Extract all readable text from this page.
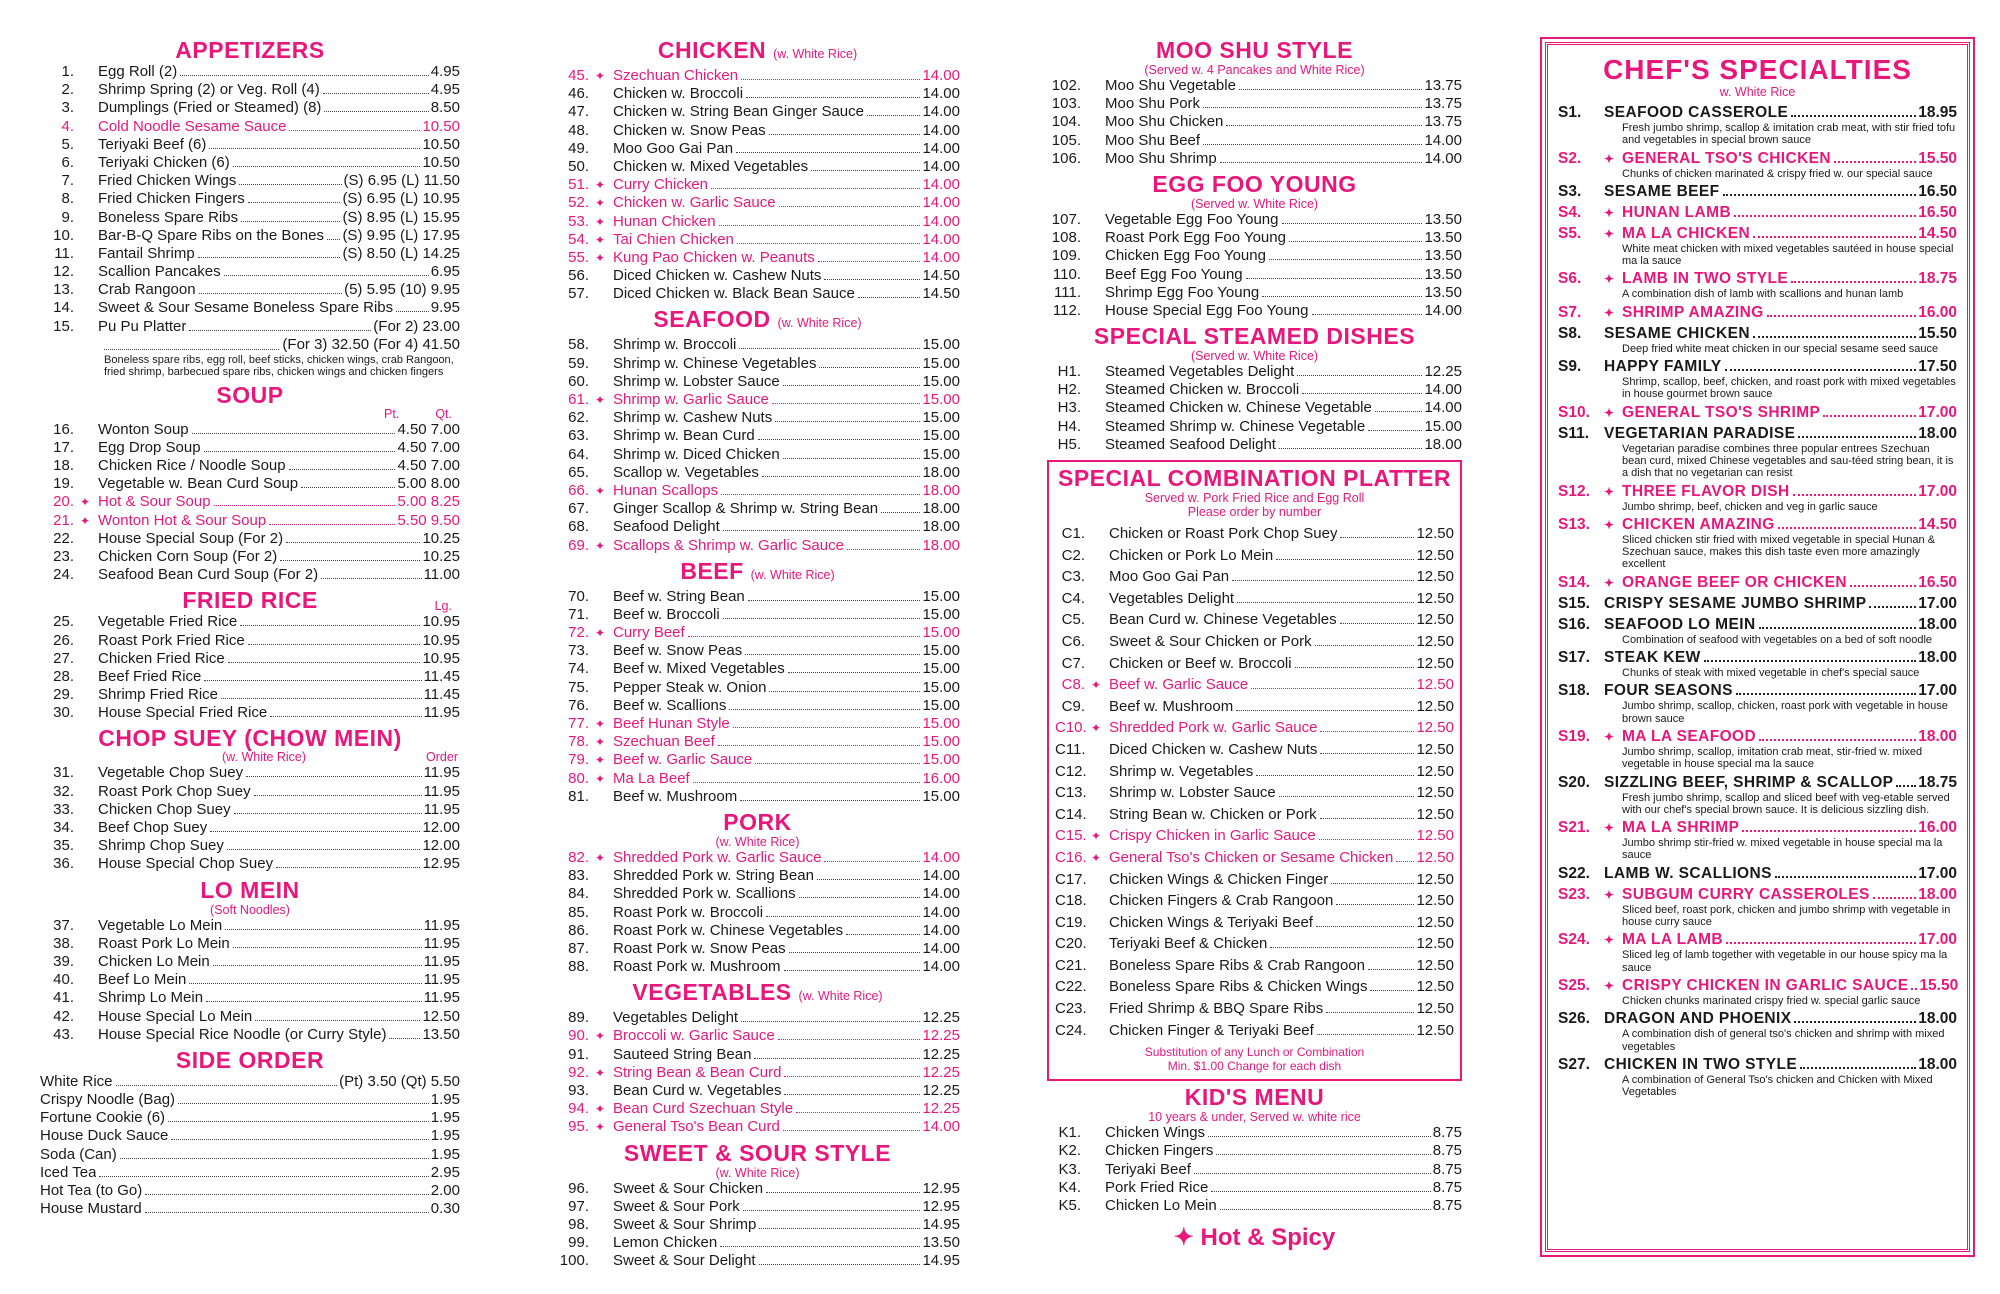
APPETIZERS
1.	Egg Roll (2)	4.95
2.	Shrimp Spring (2) or Veg. Roll (4)	4.95
3.	Dumplings (Fried or Steamed) (8)	8.50
4.	Cold Noodle Sesame Sauce	10.50
5.	Teriyaki Beef (6)	10.50
6.	Teriyaki Chicken (6)	10.50
7.	Fried Chicken Wings	(S) 6.95 (L) 11.50
8.	Fried Chicken Fingers	(S) 6.95 (L) 10.95
9.	Boneless Spare Ribs	(S) 8.95 (L) 15.95
10.	Bar-B-Q Spare Ribs on the Bones (S) 9.95 (L) 17.95
11.	Fantail Shrimp	(S) 8.50 (L) 14.25
12.	Scallion Pancakes	6.95
13.	Crab Rangoon	(5) 5.95 (10) 9.95
14.	Sweet & Sour Sesame Boneless Spare Ribs	9.95
15.	Pu Pu Platter	(For 2) 23.00
(For 3) 32.50 (For 4) 41.50
Boneless spare ribs, egg roll, beef sticks, chicken wings, crab Rangoon, fried shrimp, barbecued spare ribs, chicken wings and chicken fingers
SOUP
Pt.	Qt.
16.	Wonton Soup	4.50 7.00
17.	Egg Drop Soup	4.50 7.00
18.	Chicken Rice / Noodle Soup	4.50 7.00
19.	Vegetable w. Bean Curd Soup	5.00 8.00
20. ✦ Hot & Sour Soup	5.00 8.25
21. ✦ Wonton Hot & Sour Soup	5.50 9.50
22.	House Special Soup (For 2)	10.25
23.	Chicken Corn Soup (For 2)	10.25
24.	Seafood Bean Curd Soup (For 2)	11.00
FRIED RICE	Lg.
25.	Vegetable Fried Rice	10.95
26.	Roast Pork Fried Rice	10.95
27.	Chicken Fried Rice	10.95
28.	Beef Fried Rice	11.45
29.	Shrimp Fried Rice	11.45
30.	House Special Fried Rice	11.95
CHOP SUEY (CHOW MEIN)
(w. White Rice)	Order
31.	Vegetable Chop Suey	11.95
32.	Roast Pork Chop Suey	11.95
33.	Chicken Chop Suey	11.95
34.	Beef Chop Suey	12.00
35.	Shrimp Chop Suey	12.00
36.	House Special Chop Suey	12.95
LO MEIN
(Soft Noodles)
37.	Vegetable Lo Mein	11.95
38.	Roast Pork Lo Mein	11.95
39.	Chicken Lo Mein	11.95
40.	Beef Lo Mein	11.95
41.	Shrimp Lo Mein	11.95
42.	House Special Lo Mein	12.50
43.	House Special Rice Noodle (or Curry Style) 13.50
SIDE ORDER
White Rice	(Pt) 3.50 (Qt) 5.50
Crispy Noodle (Bag)	1.95
Fortune Cookie (6)	1.95
House Duck Sauce	1.95
Soda (Can)	1.95
Iced Tea	2.95
Hot Tea (to Go)	2.00
House Mustard	0.30
CHICKEN (w. White Rice)
45. ✦ Szechuan Chicken	14.00
46.	Chicken w. Broccoli	14.00
47.	Chicken w. String Bean Ginger Sauce	14.00
48.	Chicken w. Snow Peas	14.00
49.	Moo Goo Gai Pan	14.00
50.	Chicken w. Mixed Vegetables	14.00
51. ✦ Curry Chicken	14.00
52. ✦ Chicken w. Garlic Sauce	14.00
53. ✦ Hunan Chicken	14.00
54. ✦ Tai Chien Chicken	14.00
55. ✦ Kung Pao Chicken w. Peanuts	14.00
56.	Diced Chicken w. Cashew Nuts	14.50
57.	Diced Chicken w. Black Bean Sauce	14.50
SEAFOOD (w. White Rice)
58.	Shrimp w. Broccoli	15.00
59.	Shrimp w. Chinese Vegetables	15.00
60.	Shrimp w. Lobster Sauce	15.00
61. ✦ Shrimp w. Garlic Sauce	15.00
62.	Shrimp w. Cashew Nuts	15.00
63.	Shrimp w. Bean Curd	15.00
64.	Shrimp w. Diced Chicken	15.00
65.	Scallop w. Vegetables	18.00
66. ✦ Hunan Scallops	18.00
67.	Ginger Scallop & Shrimp w. String Bean	18.00
68.	Seafood Delight	18.00
69. ✦ Scallops & Shrimp w. Garlic Sauce	18.00
BEEF (w. White Rice)
70.	Beef w. String Bean	15.00
71.	Beef w. Broccoli	15.00
72. ✦ Curry Beef	15.00
73.	Beef w. Snow Peas	15.00
74.	Beef w. Mixed Vegetables	15.00
75.	Pepper Steak w. Onion	15.00
76.	Beef w. Scallions	15.00
77. ✦ Beef Hunan Style	15.00
78. ✦ Szechuan Beef	15.00
79. ✦ Beef w. Garlic Sauce	15.00
80. ✦ Ma La Beef	16.00
81.	Beef w. Mushroom	15.00
PORK
(w. White Rice)
82. ✦ Shredded Pork w. Garlic Sauce	14.00
83.	Shredded Pork w. String Bean	14.00
84.	Shredded Pork w. Scallions	14.00
85.	Roast Pork w. Broccoli	14.00
86.	Roast Pork w. Chinese Vegetables	14.00
87.	Roast Pork w. Snow Peas	14.00
88.	Roast Pork w. Mushroom	14.00
VEGETABLES (w. White Rice)
89.	Vegetables Delight	12.25
90. ✦ Broccoli w. Garlic Sauce	12.25
91.	Sauteed String Bean	12.25
92. ✦ String Bean & Bean Curd	12.25
93.	Bean Curd w. Vegetables	12.25
94. ✦ Bean Curd Szechuan Style	12.25
95. ✦ General Tso's Bean Curd	14.00
SWEET & SOUR STYLE
(w. White Rice)
96.	Sweet & Sour Chicken	12.95
97.	Sweet & Sour Pork	12.95
98.	Sweet & Sour Shrimp	14.95
99.	Lemon Chicken	13.50
100.	Sweet & Sour Delight	14.95
MOO SHU STYLE
(Served w. 4 Pancakes and White Rice)
102.	Moo Shu Vegetable	13.75
103.	Moo Shu Pork	13.75
104.	Moo Shu Chicken	13.75
105.	Moo Shu Beef	14.00
106.	Moo Shu Shrimp	14.00
EGG FOO YOUNG
(Served w. White Rice)
107.	Vegetable Egg Foo Young	13.50
108.	Roast Pork Egg Foo Young	13.50
109.	Chicken Egg Foo Young	13.50
110.	Beef Egg Foo Young	13.50
111.	Shrimp Egg Foo Young	13.50
112.	House Special Egg Foo Young	14.00
SPECIAL STEAMED DISHES
(Served w. White Rice)
H1.	Steamed Vegetables Delight	12.25
H2.	Steamed Chicken w. Broccoli	14.00
H3.	Steamed Chicken w. Chinese Vegetable	14.00
H4.	Steamed Shrimp w. Chinese Vegetable	15.00
H5.	Steamed Seafood Delight	18.00
SPECIAL COMBINATION PLATTER
Served w. Pork Fried Rice and Egg Roll
Please order by number
C1.	Chicken or Roast Pork Chop Suey	12.50
C2.	Chicken or Pork Lo Mein	12.50
C3.	Moo Goo Gai Pan	12.50
C4.	Vegetables Delight	12.50
C5.	Bean Curd w. Chinese Vegetables	12.50
C6.	Sweet & Sour Chicken or Pork	12.50
C7.	Chicken or Beef w. Broccoli	12.50
C8. ✦ Beef w. Garlic Sauce	12.50
C9.	Beef w. Mushroom	12.50
C10. ✦ Shredded Pork w. Garlic Sauce	12.50
C11.	Diced Chicken w. Cashew Nuts	12.50
C12. Shrimp w. Vegetables	12.50
C13. Shrimp w. Lobster Sauce	12.50
C14. String Bean w. Chicken or Pork	12.50
C15. ✦ Crispy Chicken in Garlic Sauce	12.50
C16. ✦ General Tso's Chicken or Sesame Chicken 12.50
C17. Chicken Wings & Chicken Finger	12.50
C18. Chicken Fingers & Crab Rangoon	12.50
C19. Chicken Wings & Teriyaki Beef	12.50
C20. Teriyaki Beef & Chicken	12.50
C21. Boneless Spare Ribs & Crab Rangoon	12.50
C22. Boneless Spare Ribs & Chicken Wings	12.50
C23. Fried Shrimp & BBQ Spare Ribs	12.50
C24. Chicken Finger & Teriyaki Beef	12.50
Substitution of any Lunch or Combination
Min. $1.00 Change for each dish
KID'S MENU
10 years & under, Served w. white rice
K1.	Chicken Wings	8.75
K2.	Chicken Fingers	8.75
K3.	Teriyaki Beef	8.75
K4.	Pork Fried Rice	8.75
K5.	Chicken Lo Mein	8.75
✦ Hot & Spicy
CHEF'S SPECIALTIES
w. White Rice
S1.	SEAFOOD CASSEROLE	18.95
Fresh jumbo shrimp, scallop & imitation crab meat, with stir fried tofu and vegetables in special brown sauce
S2.	✦ GENERAL TSO'S CHICKEN	15.50
Chunks of chicken marinated & crispy fried w. our special sauce
S3.	SESAME BEEF	16.50
S4.	✦ HUNAN LAMB	16.50
S5.	✦ MA LA CHICKEN	14.50
White meat chicken with mixed vegetables sautéed in house special ma la sauce
S6.	✦ LAMB IN TWO STYLE	18.75
A combination dish of lamb with scallions and hunan lamb
S7.	✦ SHRIMP AMAZING	16.00
S8.	SESAME CHICKEN	15.50
Deep fried white meat chicken in our special sesame seed sauce
S9.	HAPPY FAMILY	17.50
Shrimp, scallop, beef, chicken, and roast pork with mixed vegetables in house gourmet brown sauce
S10.	✦ GENERAL TSO'S SHRIMP	17.00
S11. VEGETARIAN PARADISE	18.00
Vegetarian paradise combines three popular entrees Szechuan bean curd, mixed Chinese vegetables and sau-téed string bean, it is a dish that no vegetarian can resist
S12.	✦ THREE FLAVOR DISH	17.00
Jumbo shrimp, beef, chicken and veg in garlic sauce
S13.	✦ CHICKEN AMAZING	14.50
Sliced chicken stir fried with mixed vegetable in special Hunan & Szechuan sauce, makes this dish taste even more amazingly excellent
S14.	✦ ORANGE BEEF OR CHICKEN	16.50
S15. CRISPY SESAME JUMBO SHRIMP	17.00
S16. SEAFOOD LO MEIN	18.00
Combination of seafood with vegetables on a bed of soft noodle
S17. STEAK KEW	18.00
Chunks of steak with mixed vegetable in chef's special sauce
S18. FOUR SEASONS	17.00
Jumbo shrimp, scallop, chicken, roast pork with vegetable in house brown sauce
S19.	✦ MA LA SEAFOOD	18.00
Jumbo shrimp, scallop, imitation crab meat, stir-fried w. mixed vegetable in house special ma la sauce
S20. SIZZLING BEEF, SHRIMP & SCALLOP 18.75
Fresh jumbo shrimp, scallop and sliced beef with veg-etable served with our chef's special brown sauce. It is delicious sizzling dish.
S21.	✦ MA LA SHRIMP	16.00
Jumbo shrimp stir-fried w. mixed vegetable in house special ma la sauce
S22. LAMB W. SCALLIONS	17.00
S23.	✦ SUBGUM CURRY CASSEROLES	18.00
Sliced beef, roast pork, chicken and jumbo shrimp with vegetable in house curry sauce
S24.	✦ MA LA LAMB	17.00
Sliced leg of lamb together with vegetable in our house spicy ma la sauce
S25.	✦ CRISPY CHICKEN IN GARLIC SAUCE 15.50
Chicken chunks marinated crispy fried w. special garlic sauce
S26. DRAGON AND PHOENIX	18.00
A combination dish of general tso's chicken and shrimp with mixed vegetables
S27. CHICKEN IN TWO STYLE	18.00
A combination of General Tso's chicken and Chicken with Mixed Vegetables
